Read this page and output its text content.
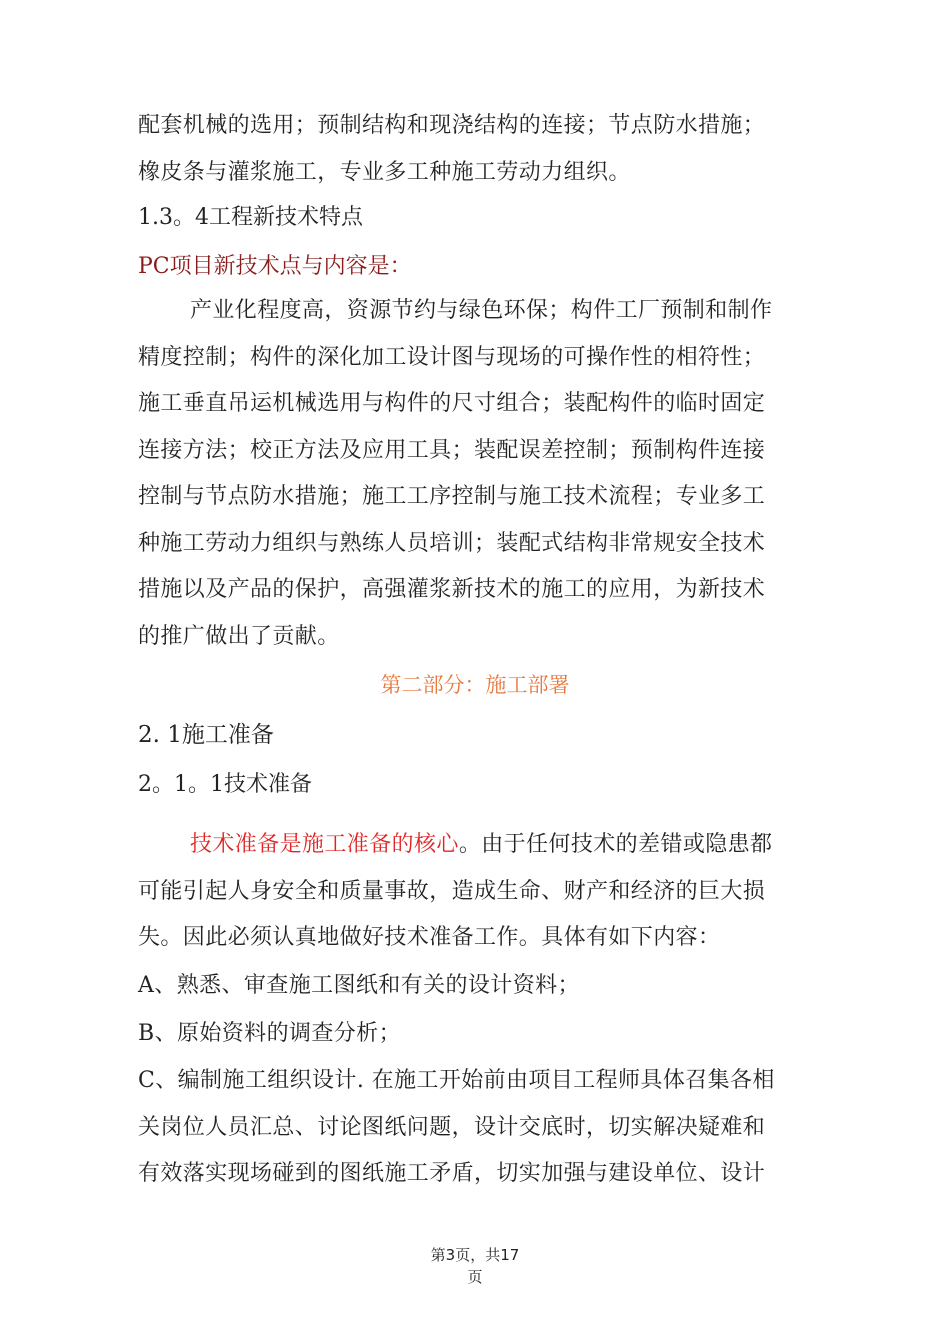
配套机械的选用；预制结构和现浇结构的连接；节点防水措施；
橡皮条与灌浆施工，专业多工种施工劳动力组织。
1.3。4工程新技术特点
PC项目新技术点与内容是：
产业化程度高，资源节约与绿色环保；构件工厂预制和制作
精度控制；构件的深化加工设计图与现场的可操作性的相符性；
施工垂直吊运机械选用与构件的尺寸组合；装配构件的临时固定
连接方法；校正方法及应用工具；装配误差控制；预制构件连接
控制与节点防水措施；施工工序控制与施工技术流程；专业多工
种施工劳动力组织与熟练人员培训；装配式结构非常规安全技术
措施以及产品的保护，高强灌浆新技术的施工的应用，为新技术
的推广做出了贡献。
第二部分：施工部署
2. 1施工准备
2。1。1技术准备
技术准备是施工准备的核心。由于任何技术的差错或隐患都
可能引起人身安全和质量事故，造成生命、财产和经济的巨大损
失。因此必须认真地做好技术准备工作。具体有如下内容：
A、熟悉、审查施工图纸和有关的设计资料；
B、原始资料的调查分析；
C、编制施工组织设计. 在施工开始前由项目工程师具体召集各相
关岗位人员汇总、讨论图纸问题，设计交底时，切实解决疑难和
有效落实现场碰到的图纸施工矛盾，切实加强与建设单位、设计
第3页，共17
页
